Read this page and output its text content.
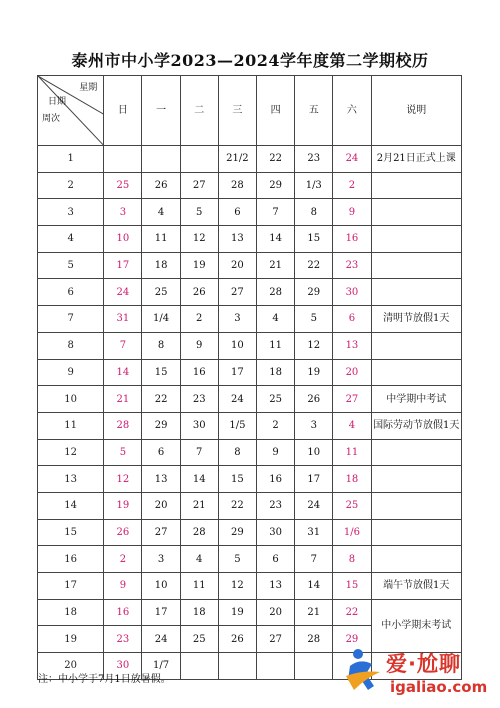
泰州市中小学2023—2024学年度第二学期校历
星期
日期
周次	日	一	二	三	四	五	六	说明
1				21/2	22	23	24	2月21日正式上课
2	25	26	27	28	29	1/3	2	
3	3	4	5	6	7	8	9	
4	10	11	12	13	14	15	16	
5	17	18	19	20	21	22	23	
6	24	25	26	27	28	29	30	
7	31	1/4	2	3	4	5	6	清明节放假1天
8	7	8	9	10	11	12	13	
9	14	15	16	17	18	19	20	
10	21	22	23	24	25	26	27	中学期中考试
11	28	29	30	1/5	2	3	4	国际劳动节放假1天
12	5	6	7	8	9	10	11	
13	12	13	14	15	16	17	18	
14	19	20	21	22	23	24	25	
15	26	27	28	29	30	31	1/6	
16	2	3	4	5	6	7	8	
17	9	10	11	12	13	14	15	端午节放假1天
18	16	17	18	19	20	21	22	中小学期末考试
19	23	24	25	26	27	28	29	
20	30	1/7						
注：中小学于7月1日放暑假。
爱·尬聊
igaliao.com
